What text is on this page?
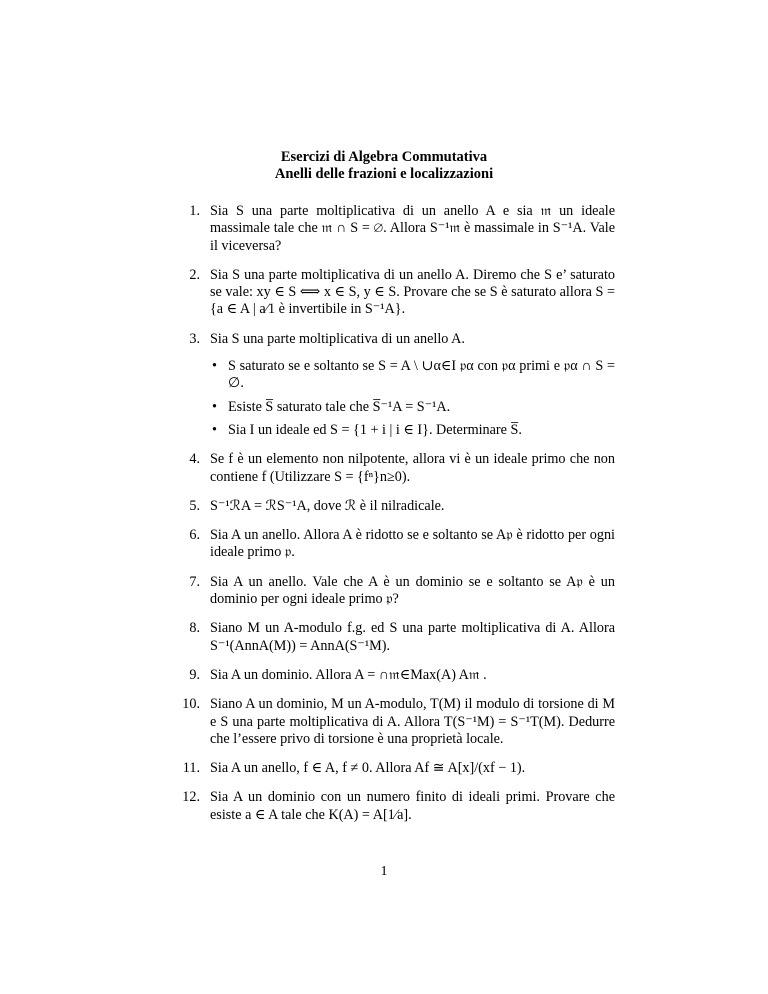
Esercizi di Algebra Commutativa
Anelli delle frazioni e localizzazioni
1. Sia S una parte moltiplicativa di un anello A e sia 𝔪 un ideale massimale tale che 𝔪 ∩ S = ∅. Allora S⁻¹𝔪 è massimale in S⁻¹A. Vale il viceversa?
2. Sia S una parte moltiplicativa di un anello A. Diremo che S e’ saturato se vale: xy ∈ S ⟺ x ∈ S, y ∈ S. Provare che se S è saturato allora S = {a ∈ A | a⁄1 è invertibile in S⁻¹A}.
3. Sia S una parte moltiplicativa di un anello A.
• S saturato se e soltanto se S = A \ ∪α∈I 𝔭α con 𝔭α primi e 𝔭α ∩ S = ∅.
• Esiste S̅ saturato tale che S̅⁻¹A = S⁻¹A.
• Sia I un ideale ed S = {1 + i | i ∈ I}. Determinare S̅.
4. Se f è un elemento non nilpotente, allora vi è un ideale primo che non contiene f (Utilizzare S = {fⁿ}n≥0).
5. S⁻¹ℛA = ℛS⁻¹A, dove ℛ è il nilradicale.
6. Sia A un anello. Allora A è ridotto se e soltanto se A𝔭 è ridotto per ogni ideale primo 𝔭.
7. Sia A un anello. Vale che A è un dominio se e soltanto se A𝔭 è un dominio per ogni ideale primo 𝔭?
8. Siano M un A-modulo f.g. ed S una parte moltiplicativa di A. Allora S⁻¹(AnnA(M)) = AnnA(S⁻¹M).
9. Sia A un dominio. Allora A = ∩𝔪∈Max(A) A𝔪 .
10. Siano A un dominio, M un A-modulo, T(M) il modulo di torsione di M e S una parte moltiplicativa di A. Allora T(S⁻¹M) = S⁻¹T(M). Dedurre che l’essere privo di torsione è una proprietà locale.
11. Sia A un anello, f ∈ A, f ≠ 0. Allora Af ≅ A[x]/(xf − 1).
12. Sia A un dominio con un numero finito di ideali primi. Provare che esiste a ∈ A tale che K(A) = A[1⁄a].
1
